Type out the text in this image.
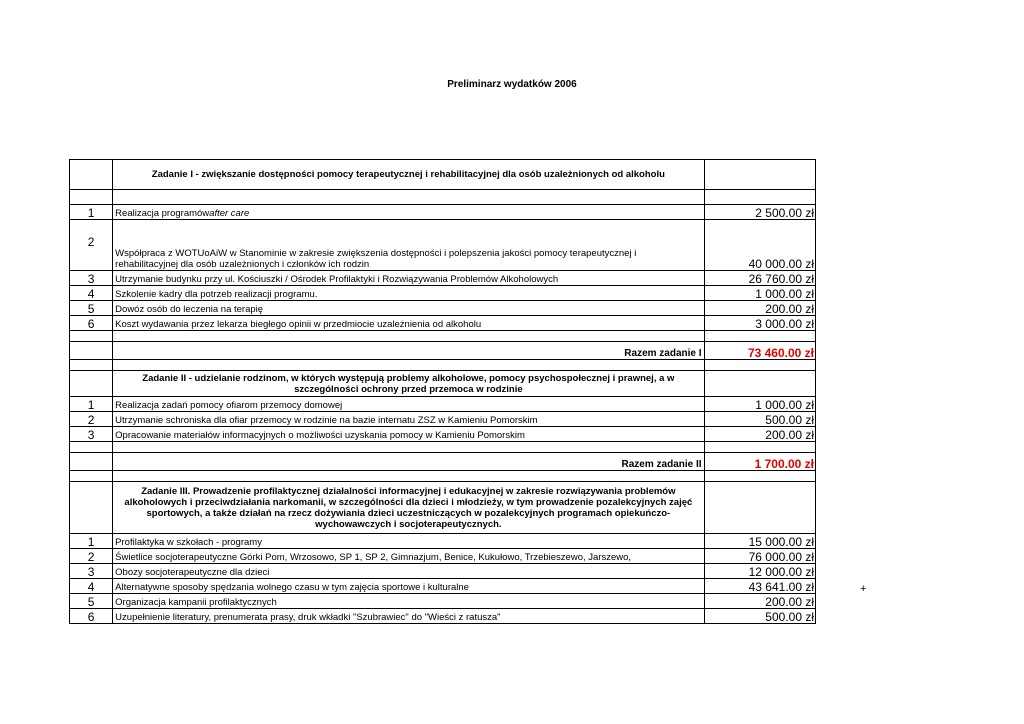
Preliminarz wydatków 2006
	Zadanie I - zwiększanie dostępności pomocy terapeutycznej i rehabilitacyjnej dla osób uzależnionych od alkoholu	

1	Realizacja programówafter care	2 500.00 zł
2	Współpraca z WOTUoAiW w Stanominie w zakresie zwiększenia dostępności i polepszenia jakości pomocy terapeutycznej i rehabilitacyjnej dla osób uzależnionych i członków ich rodzin	40 000.00 zł
3	Utrzymanie budynku przy ul. Kościuszki / Ośrodek Profilaktyki i Rozwiązywania Problemów Alkoholowych	26 760.00 zł
4	Szkolenie kadry dla potrzeb realizacji programu.	1 000.00 zł
5	Dowóz osób do leczenia na terapię	200.00 zł
6	Koszt wydawania przez lekarza biegłego opinii w przedmiocie uzależnienia od alkoholu	3 000.00 zł

	Razem zadanie I	73 460.00 zł

	Zadanie II - udzielanie rodzinom, w których występują problemy alkoholowe, pomocy psychospołecznej i prawnej, a w szczególności ochrony przed przemoca w rodzinie	
1	Realizacja zadań pomocy ofiarom przemocy domowej	1 000.00 zł
2	Utrzymanie schroniska dla ofiar przemocy w rodzinie na bazie internatu ZSZ w Kamieniu Pomorskim	500.00 zł
3	Opracowanie materiałów informacyjnych o możliwości uzyskania pomocy w Kamieniu Pomorskim	200.00 zł

	Razem zadanie II	1 700.00 zł

	Zadanie III. Prowadzenie profilaktycznej działalności informacyjnej i edukacyjnej w zakresie rozwiązywania problemów alkoholowych i przeciwdziałania narkomanii, w szczególności dla dzieci i młodzieży, w tym prowadzenie pozalekcyjnych zajęć sportowych, a także działań na rzecz dożywiania dzieci uczestniczących w pozalekcyjnych programach opiekuńczo-wychowawczych i socjoterapeutycznych.	
1	Profilaktyka w szkołach - programy	15 000.00 zł
2	Świetlice socjoterapeutyczne Górki Pom, Wrzosowo, SP 1, SP 2, Gimnazjum, Benice, Kukułowo, Trzebieszewo, Jarszewo,	76 000.00 zł
3	Obozy socjoterapeutyczne dla dzieci	12 000.00 zł
4	Alternatywne sposoby spędzania wolnego czasu w tym zajęcia sportowe i kulturalne	43 641.00 zł
5	Organizacja kampanii profilaktycznych	200.00 zł
6	Uzupełnienie literatury, prenumerata prasy, druk wkładki "Szubrawiec" do "Wieści z ratusza"	500.00 zł
+
